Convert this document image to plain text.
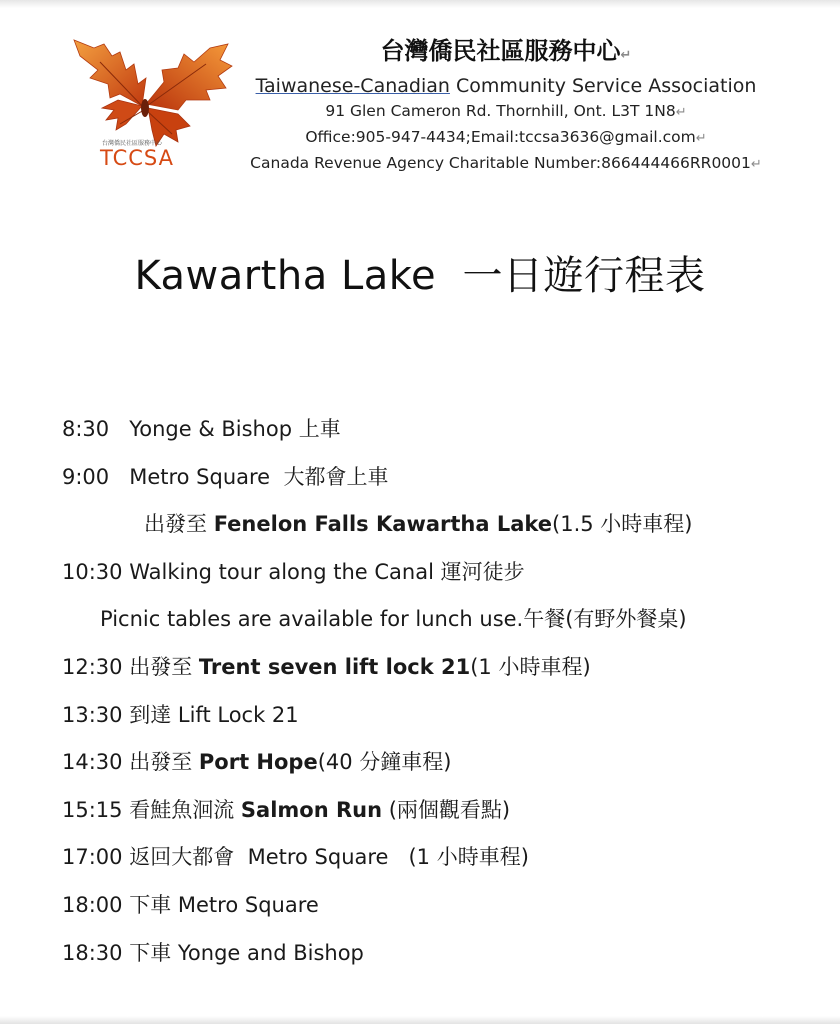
台灣僑民社區服務中心
TCCSA
台灣僑民社區服務中心↵
Taiwanese-Canadian Community Service Association
91 Glen Cameron Rd. Thornhill, Ont. L3T 1N8↵
Office:905-947-4434;Email:tccsa3636@gmail.com↵
Canada Revenue Agency Charitable Number:866444466RR0001↵
Kawartha Lake  一日遊行程表
8:30 Yonge & Bishop 上車
9:00 Metro Square  大都會上車
出發至 Fenelon Falls Kawartha Lake(1.5 小時車程)
10:30 Walking tour along the Canal 運河徒步
Picnic tables are available for lunch use.午餐(有野外餐桌)
12:30 出發至 Trent seven lift lock 21(1 小時車程)
13:30 到達 Lift Lock 21
14:30 出發至 Port Hope(40 分鐘車程)
15:15 看鮭魚洄流 Salmon Run (兩個觀看點)
17:00 返回大都會  Metro Square   (1 小時車程)
18:00 下車 Metro Square
18:30 下車 Yonge and Bishop
